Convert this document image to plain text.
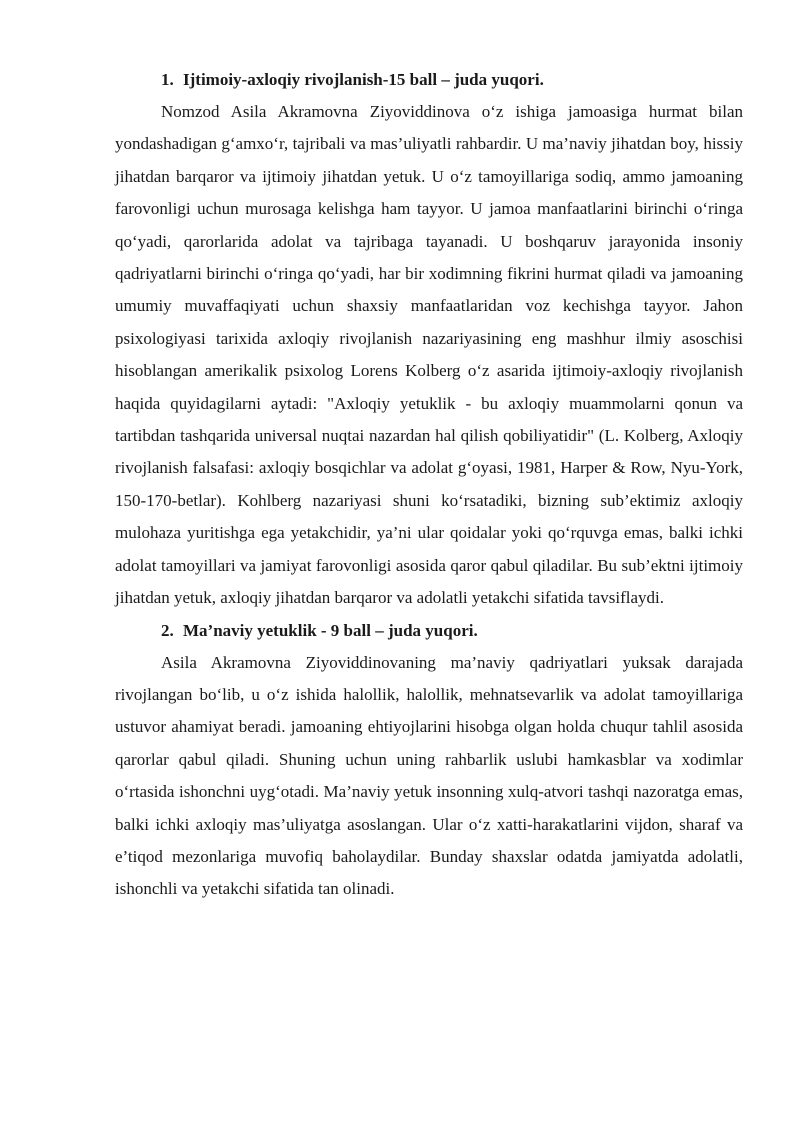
1. Ijtimoiy-axloqiy rivojlanish-15 ball – juda yuqori.

Nomzod Asila Akramovna Ziyoviddinova o‘z ishiga jamoasiga hurmat bilan yondashadigan g‘amxo‘r, tajribali va mas’uliyatli rahbardir. U ma’naviy jihatdan boy, hissiy jihatdan barqaror va ijtimoiy jihatdan yetuk. U o‘z tamoyillariga sodiq, ammo jamoaning farovonligi uchun murosaga kelishga ham tayyor. U jamoa manfaatlarini birinchi o‘ringa qo‘yadi, qarorlarida adolat va tajribaga tayanadi. U boshqaruv jarayonida insoniy qadriyatlarni birinchi o‘ringa qo‘yadi, har bir xodimning fikrini hurmat qiladi va jamoaning umumiy muvaffaqiyati uchun shaxsiy manfaatlaridan voz kechishga tayyor. Jahon psixologiyasi tarixida axloqiy rivojlanish nazariyasining eng mashhur ilmiy asoschisi hisoblangan amerikalik psixolog Lorens Kolberg o‘z asarida ijtimoiy-axloqiy rivojlanish haqida quyidagilarni aytadi: "Axloqiy yetuklik - bu axloqiy muammolarni qonun va tartibdan tashqarida universal nuqtai nazardan hal qilish qobiliyatidir" (L. Kolberg, Axloqiy rivojlanish falsafasi: axloqiy bosqichlar va adolat g‘oyasi, 1981, Harper & Row, Nyu-York, 150-170-betlar). Kohlberg nazariyasi shuni ko‘rsatadiki, bizning sub’ektimiz axloqiy mulohaza yuritishga ega yetakchidir, ya’ni ular qoidalar yoki qo‘rquvga emas, balki ichki adolat tamoyillari va jamiyat farovonligi asosida qaror qabul qiladilar. Bu sub’ektni ijtimoiy jihatdan yetuk, axloqiy jihatdan barqaror va adolatli yetakchi sifatida tavsiflaydi.

2. Ma’naviy yetuklik - 9 ball – juda yuqori.

Asila Akramovna Ziyoviddinovaning ma’naviy qadriyatlari yuksak darajada rivojlangan bo‘lib, u o‘z ishida halollik, halollik, mehnatsevarlik va adolat tamoyillariga ustuvor ahamiyat beradi. jamoaning ehtiyojlarini hisobga olgan holda chuqur tahlil asosida qarorlar qabul qiladi. Shuning uchun uning rahbarlik uslubi hamkasblar va xodimlar o‘rtasida ishonchni uyg‘otadi. Ma’naviy yetuk insonning xulq-atvori tashqi nazoratga emas, balki ichki axloqiy mas’uliyatga asoslangan. Ular o‘z xatti-harakatlarini vijdon, sharaf va e’tiqod mezonlariga muvofiq baholaydilar. Bunday shaxslar odatda jamiyatda adolatli, ishonchli va yetakchi sifatida tan olinadi.
